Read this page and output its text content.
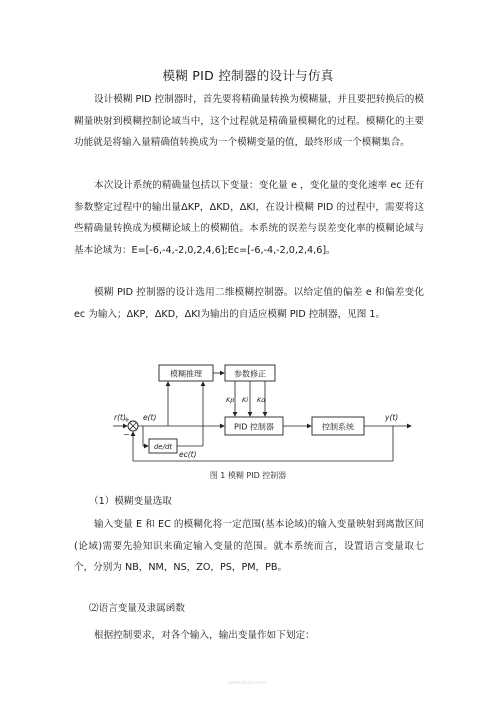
模糊 PID 控制器的设计与仿真

设计模糊 PID 控制器时，首先要将精确量转换为模糊量，并且要把转换后的模糊量映射到模糊控制论域当中，这个过程就是精确量模糊化的过程。模糊化的主要功能就是将输入量精确值转换成为一个模糊变量的值，最终形成一个模糊集合。

本次设计系统的精确量包括以下变量：变化量 e ，变化量的变化速率 ec 还有参数整定过程中的输出量ΔKP，ΔKD，ΔKI，在设计模糊 PID 的过程中，需要将这些精确量转换成为模糊论域上的模糊值。本系统的误差与误差变化率的模糊论域与基本论域为：E=[-6,-4,-2,0,2,4,6];Ec=[-6,-4,-2,0,2,4,6]。

模糊 PID 控制器的设计选用二维模糊控制器。以给定值的偏差 e 和偏差变化 ec 为输入；ΔKP，ΔKD，ΔKI为输出的自适应模糊 PID 控制器，见图 1。

模糊推理	参数修正
PID 控制器	控制系统
de/dt
r(t)
+
−
e(t)
ec(t)
Kp Ki Kd
y(t)
图 1 模糊 PID 控制器
（1）模糊变量选取

输入变量 E 和 EC 的模糊化将一定范围(基本论域)的输入变量映射到离散区间(论域)需要先验知识来确定输入变量的范围。就本系统而言，设置语言变量取七个，分别为 NB，NM，NS，ZO，PS，PM，PB。

⑵语言变量及隶属函数

根据控制要求，对各个输入，输出变量作如下划定：

www.docin.com
